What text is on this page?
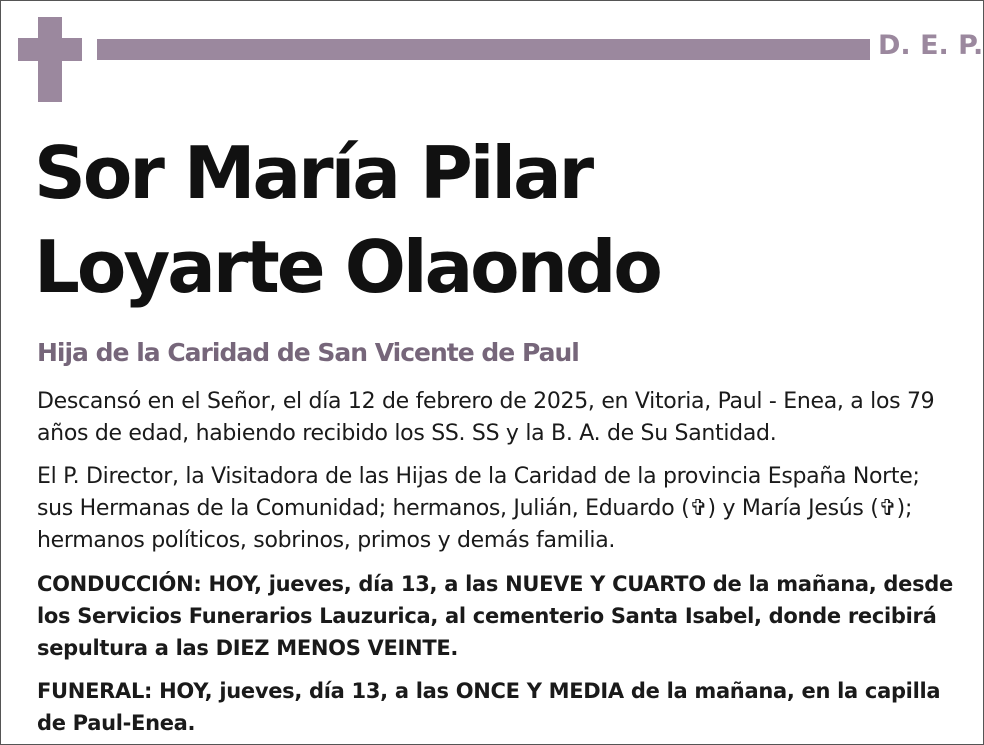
D. E. P.
Sor María Pilar
Loyarte Olaondo
Hija de la Caridad de San Vicente de Paul

Descansó en el Señor, el día 12 de febrero de 2025, en Vitoria, Paul - Enea, a los 79 años de edad, habiendo recibido los SS. SS y la B. A. de Su Santidad.

El P. Director, la Visitadora de las Hijas de la Caridad de la provincia España Norte; sus Hermanas de la Comunidad; hermanos, Julián, Eduardo (✞) y María Jesús (✞); hermanos políticos, sobrinos, primos y demás familia.

CONDUCCIÓN: HOY, jueves, día 13, a las NUEVE Y CUARTO de la mañana, desde los Servicios Funerarios Lauzurica, al cementerio Santa Isabel, donde recibirá sepultura a las DIEZ MENOS VEINTE.

FUNERAL: HOY, jueves, día 13, a las ONCE Y MEDIA de la mañana, en la capilla de Paul-Enea.
